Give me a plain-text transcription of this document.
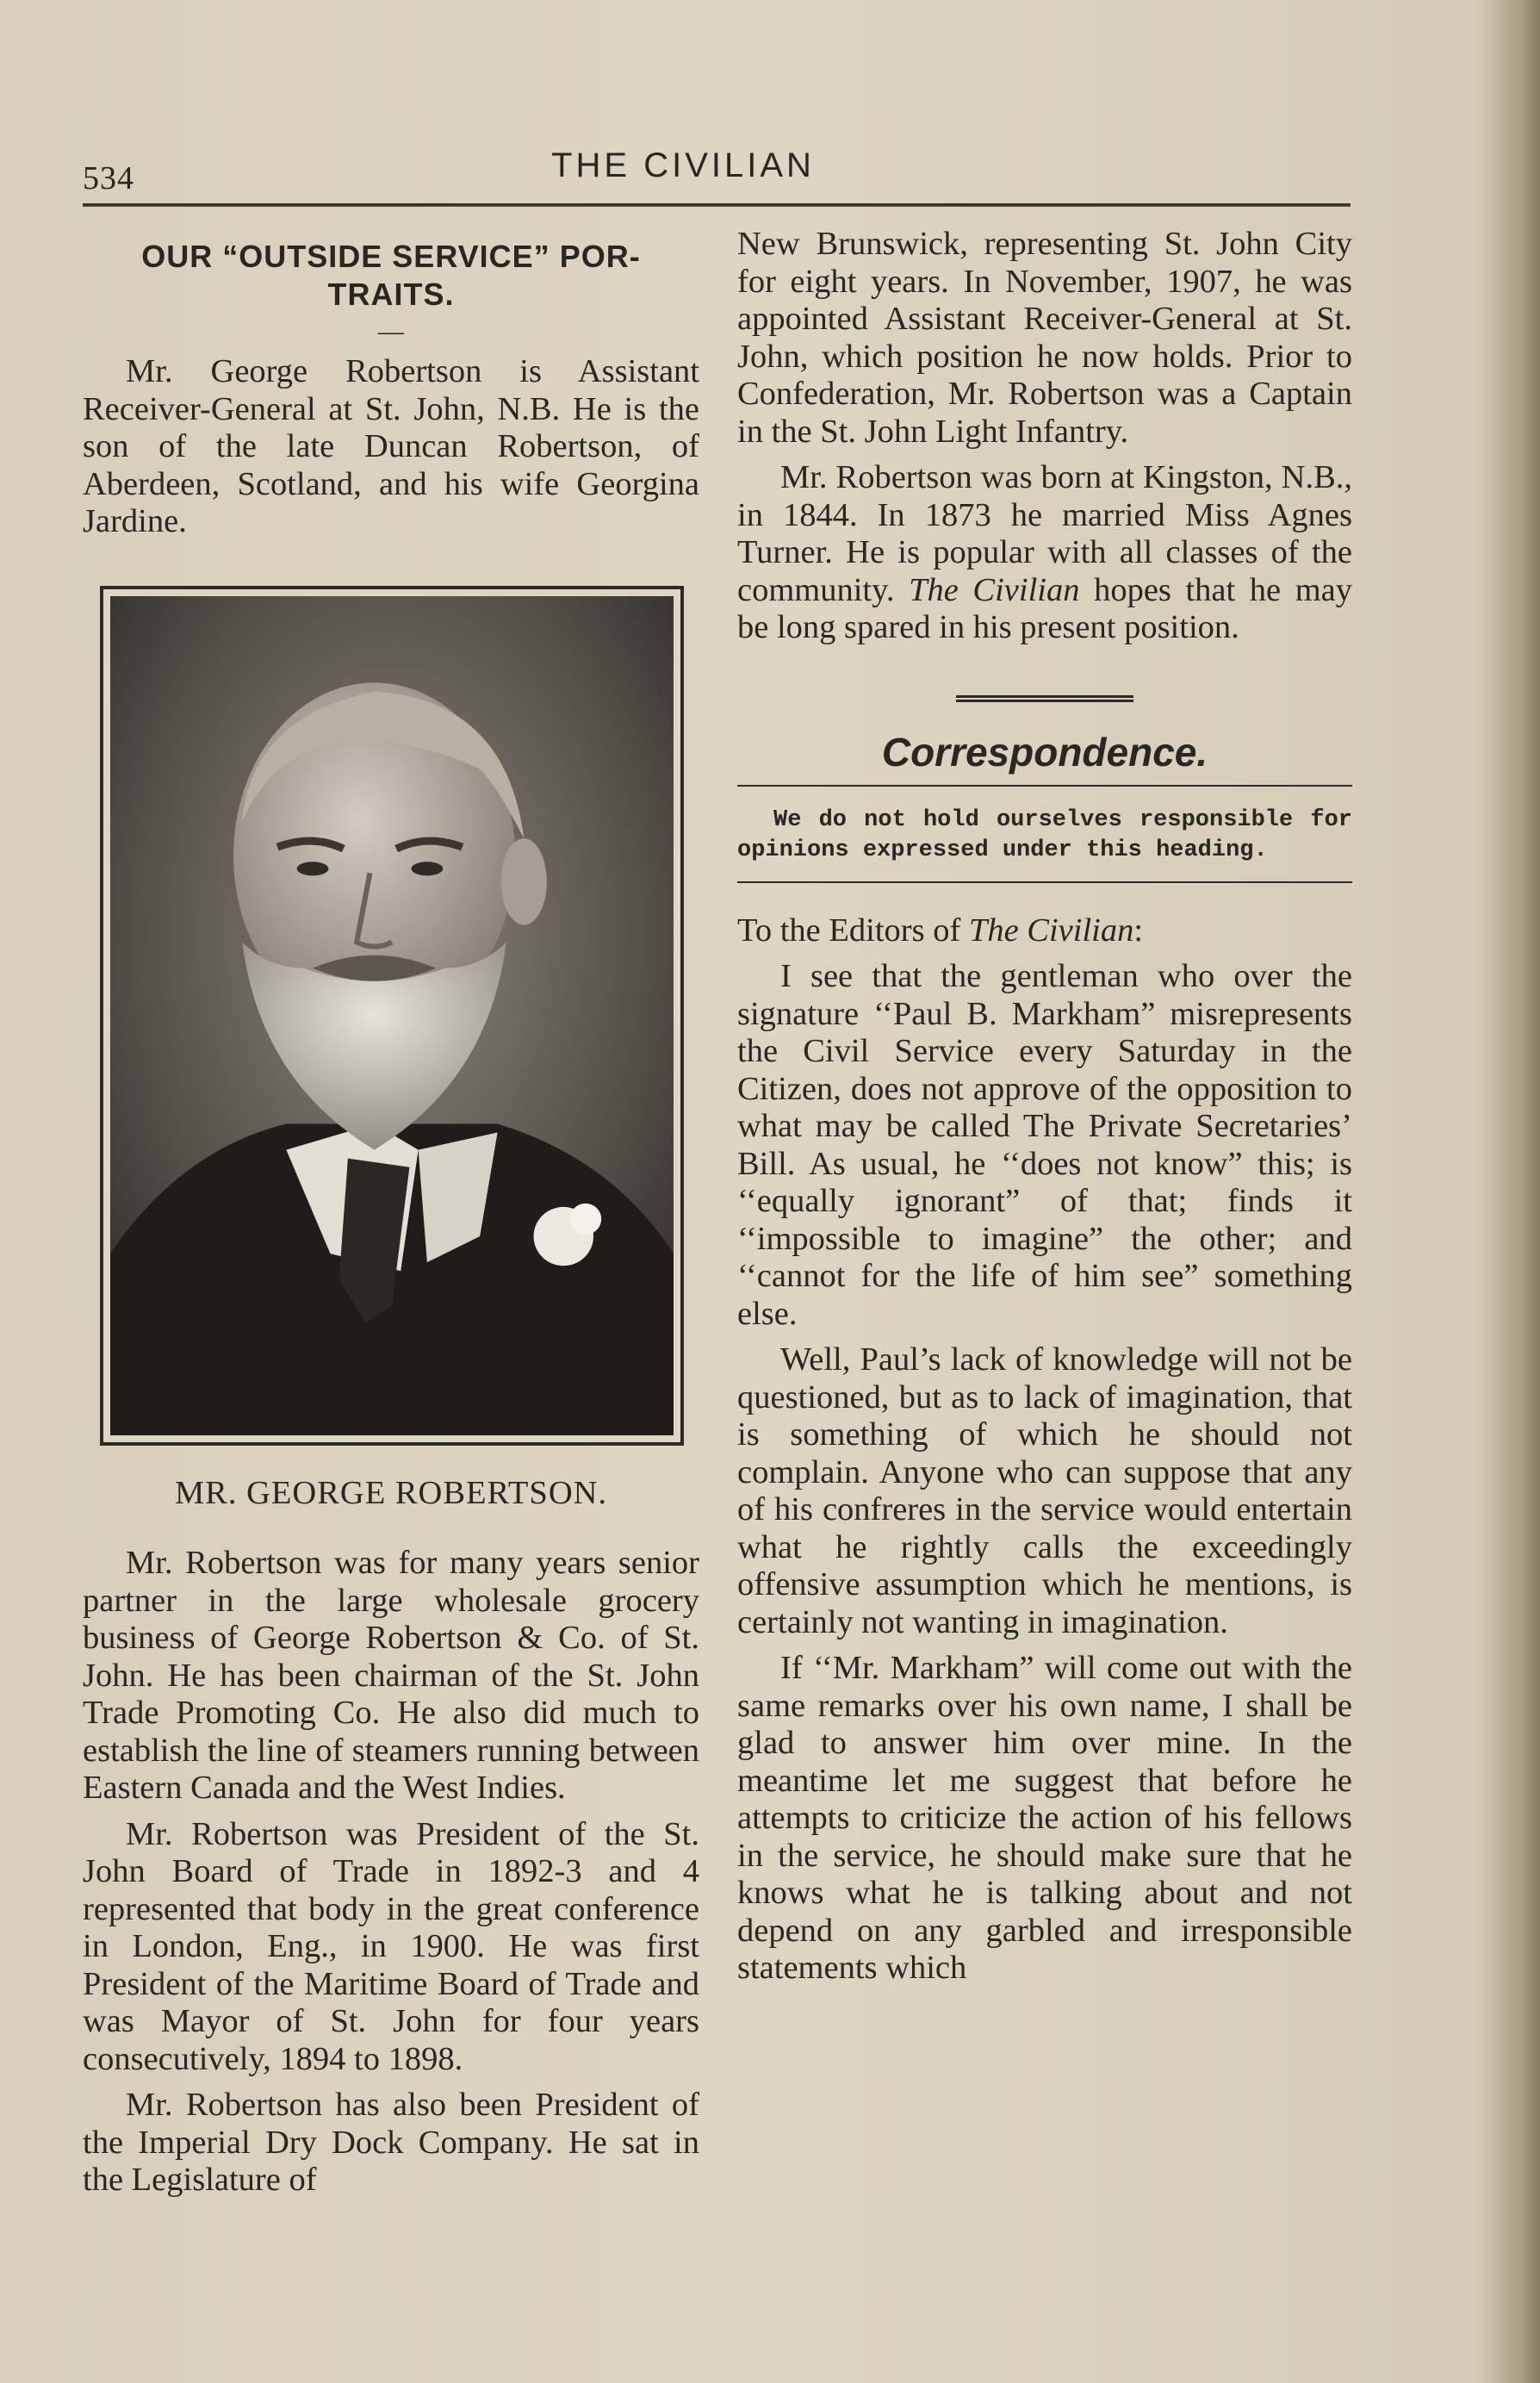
534	THE CIVILIAN
OUR “OUTSIDE SERVICE” POR-
TRAITS.
—

Mr. George Robertson is Assistant Receiver-General at St. John, N.B. He is the son of the late Duncan Robertson, of Aberdeen, Scotland, and his wife Georgina Jardine.

MR. GEORGE ROBERTSON.

Mr. Robertson was for many years senior partner in the large wholesale grocery business of George Robertson & Co. of St. John. He has been chairman of the St. John Trade Promoting Co. He also did much to establish the line of steamers running between Eastern Canada and the West Indies.

Mr. Robertson was President of the St. John Board of Trade in 1892-3 and 4 represented that body in the great conference in London, Eng., in 1900. He was first President of the Maritime Board of Trade and was Mayor of St. John for four years consecutively, 1894 to 1898.

Mr. Robertson has also been President of the Imperial Dry Dock Company. He sat in the Legislature of

New Brunswick, representing St. John City for eight years. In November, 1907, he was appointed Assistant Receiver-General at St. John, which position he now holds. Prior to Confederation, Mr. Robertson was a Captain in the St. John Light Infantry.

Mr. Robertson was born at Kingston, N.B., in 1844. In 1873 he married Miss Agnes Turner. He is popular with all classes of the community. The Civilian hopes that he may be long spared in his present position.

Correspondence.
We do not hold ourselves responsible for opinions expressed under this heading.

To the Editors of The Civilian:

I see that the gentleman who over the signature ‘‘Paul B. Markham” misrepresents the Civil Service every Saturday in the Citizen, does not approve of the opposition to what may be called The Private Secretaries’ Bill. As usual, he ‘‘does not know” this; is ‘‘equally ignorant” of that; finds it ‘‘impossible to imagine” the other; and ‘‘cannot for the life of him see” something else.

Well, Paul’s lack of knowledge will not be questioned, but as to lack of imagination, that is something of which he should not complain. Anyone who can suppose that any of his confreres in the service would entertain what he rightly calls the exceedingly offensive assumption which he mentions, is certainly not wanting in imagination.

If ‘‘Mr. Markham” will come out with the same remarks over his own name, I shall be glad to answer him over mine. In the meantime let me suggest that before he attempts to criticize the action of his fellows in the service, he should make sure that he knows what he is talking about and not depend on any garbled and irresponsible statements which
